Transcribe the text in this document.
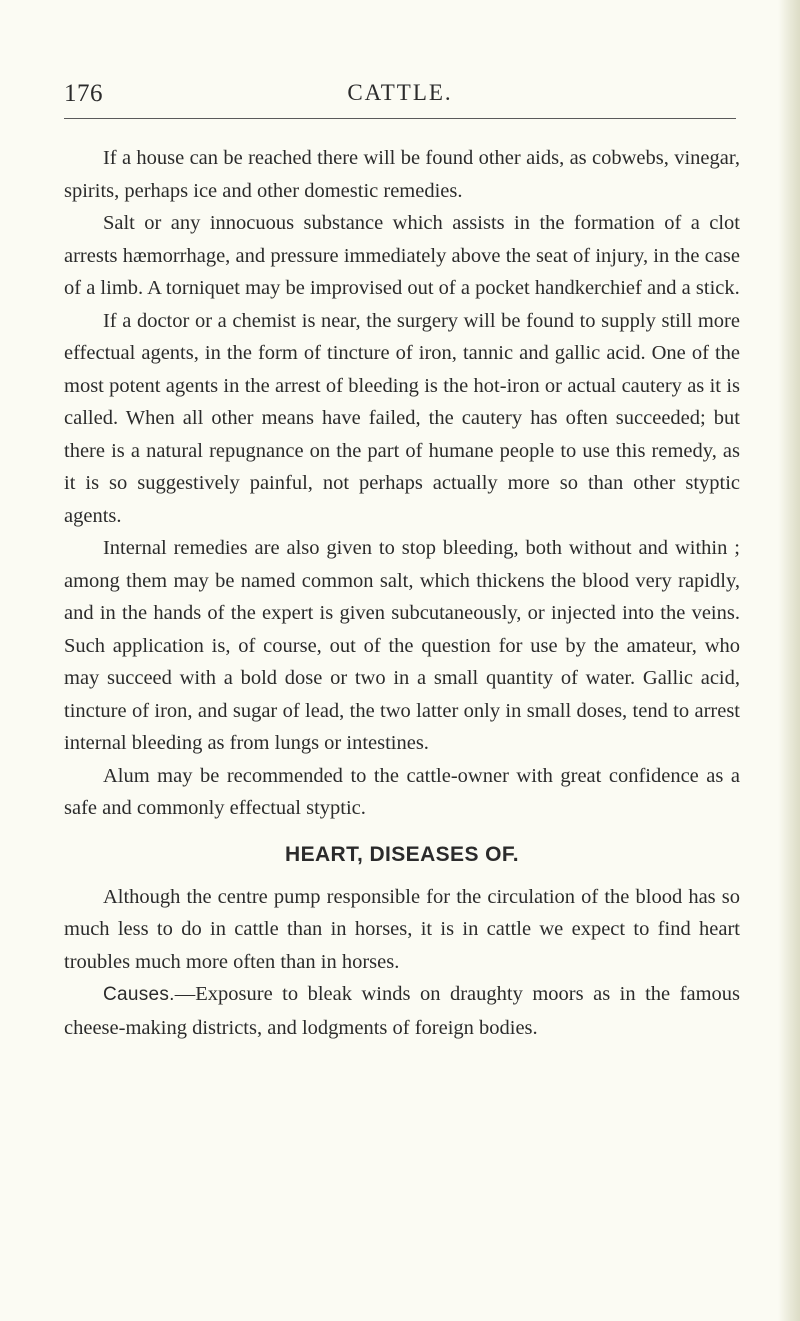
176	CATTLE.

If a house can be reached there will be found other aids, as cobwebs, vinegar, spirits, perhaps ice and other domestic remedies.

Salt or any innocuous substance which assists in the formation of a clot arrests hæmorrhage, and pressure immediately above the seat of injury, in the case of a limb. A torniquet may be improvised out of a pocket handkerchief and a stick.

If a doctor or a chemist is near, the surgery will be found to supply still more effectual agents, in the form of tincture of iron, tannic and gallic acid. One of the most potent agents in the arrest of bleeding is the hot-iron or actual cautery as it is called. When all other means have failed, the cautery has often succeeded; but there is a natural repugnance on the part of humane people to use this remedy, as it is so suggestively painful, not perhaps actually more so than other styptic agents.

Internal remedies are also given to stop bleeding, both without and within ; among them may be named common salt, which thickens the blood very rapidly, and in the hands of the expert is given subcutaneously, or injected into the veins. Such application is, of course, out of the question for use by the amateur, who may succeed with a bold dose or two in a small quantity of water. Gallic acid, tincture of iron, and sugar of lead, the two latter only in small doses, tend to arrest internal bleeding as from lungs or intestines.

Alum may be recommended to the cattle-owner with great confidence as a safe and commonly effectual styptic.

HEART, DISEASES OF.

Although the centre pump responsible for the circulation of the blood has so much less to do in cattle than in horses, it is in cattle we expect to find heart troubles much more often than in horses.

Causes.—Exposure to bleak winds on draughty moors as in the famous cheese-making districts, and lodgments of foreign bodies.
